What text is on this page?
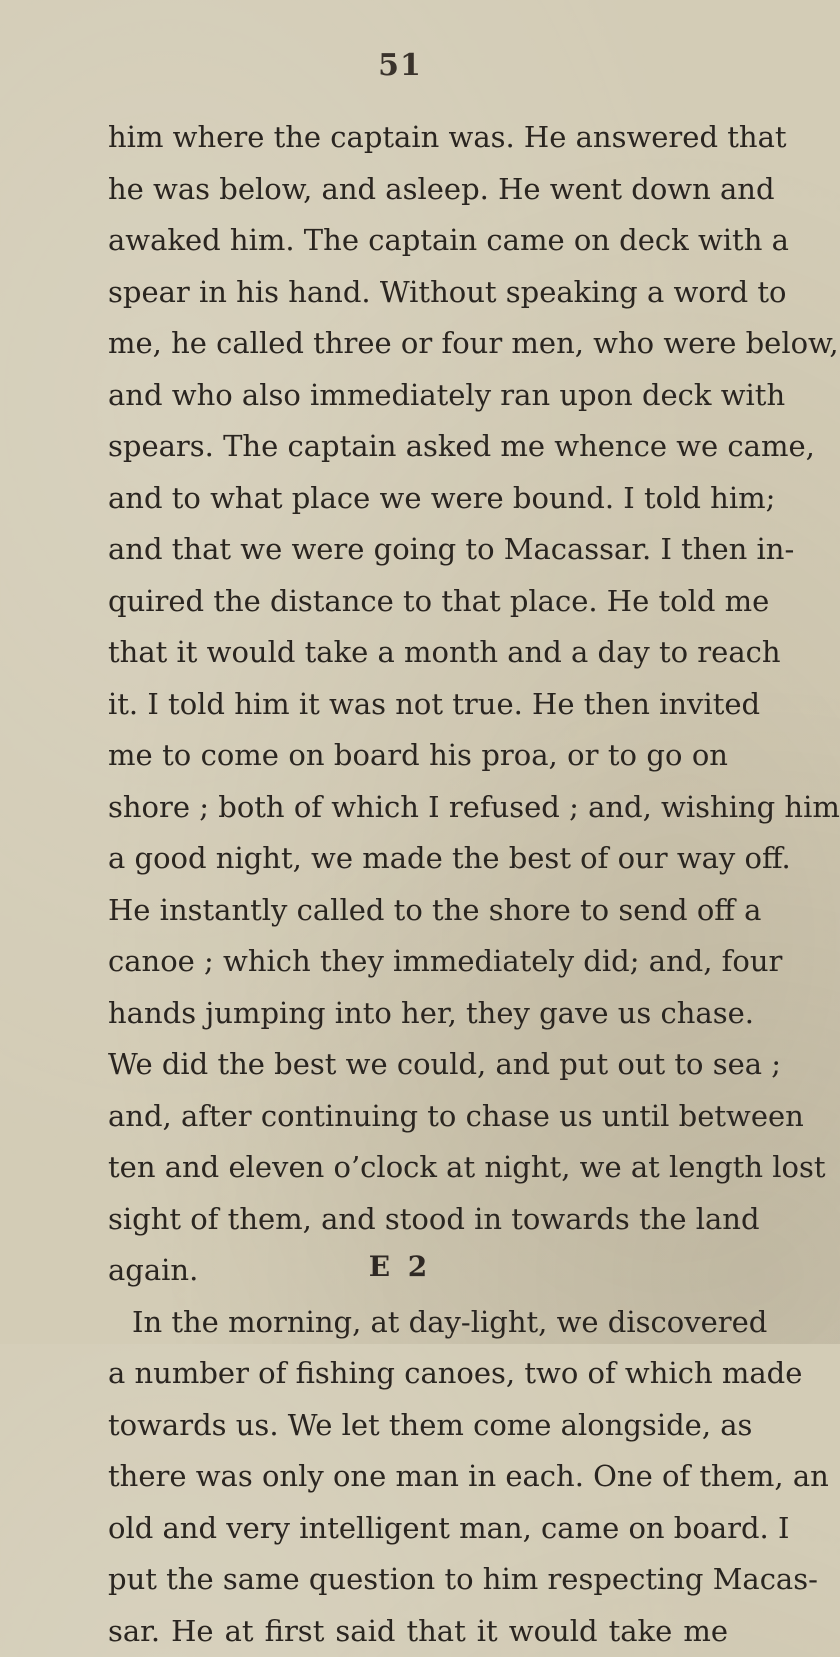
51
him where the captain was. He answered that
he was below, and asleep. He went down and
awaked him. The captain came on deck with a
spear in his hand. Without speaking a word to
me, he called three or four men, who were below,
and who also immediately ran upon deck with
spears. The captain asked me whence we came,
and to what place we were bound. I told him;
and that we were going to Macassar. I then in-
quired the distance to that place. He told me
that it would take a month and a day to reach
it. I told him it was not true. He then invited
me to come on board his proa, or to go on
shore ; both of which I refused ; and, wishing him
a good night, we made the best of our way off.
He instantly called to the shore to send off a
canoe ; which they immediately did; and, four
hands jumping into her, they gave us chase.
We did the best we could, and put out to sea ;
and, after continuing to chase us until between
ten and eleven o’clock at night, we at length lost
sight of them, and stood in towards the land
again.
In the morning, at day-light, we discovered
a number of fishing canoes, two of which made
towards us. We let them come alongside, as
there was only one man in each. One of them, an
old and very intelligent man, came on board. I
put the same question to him respecting Macas-
sar. He at first said that it would take me
E 2
